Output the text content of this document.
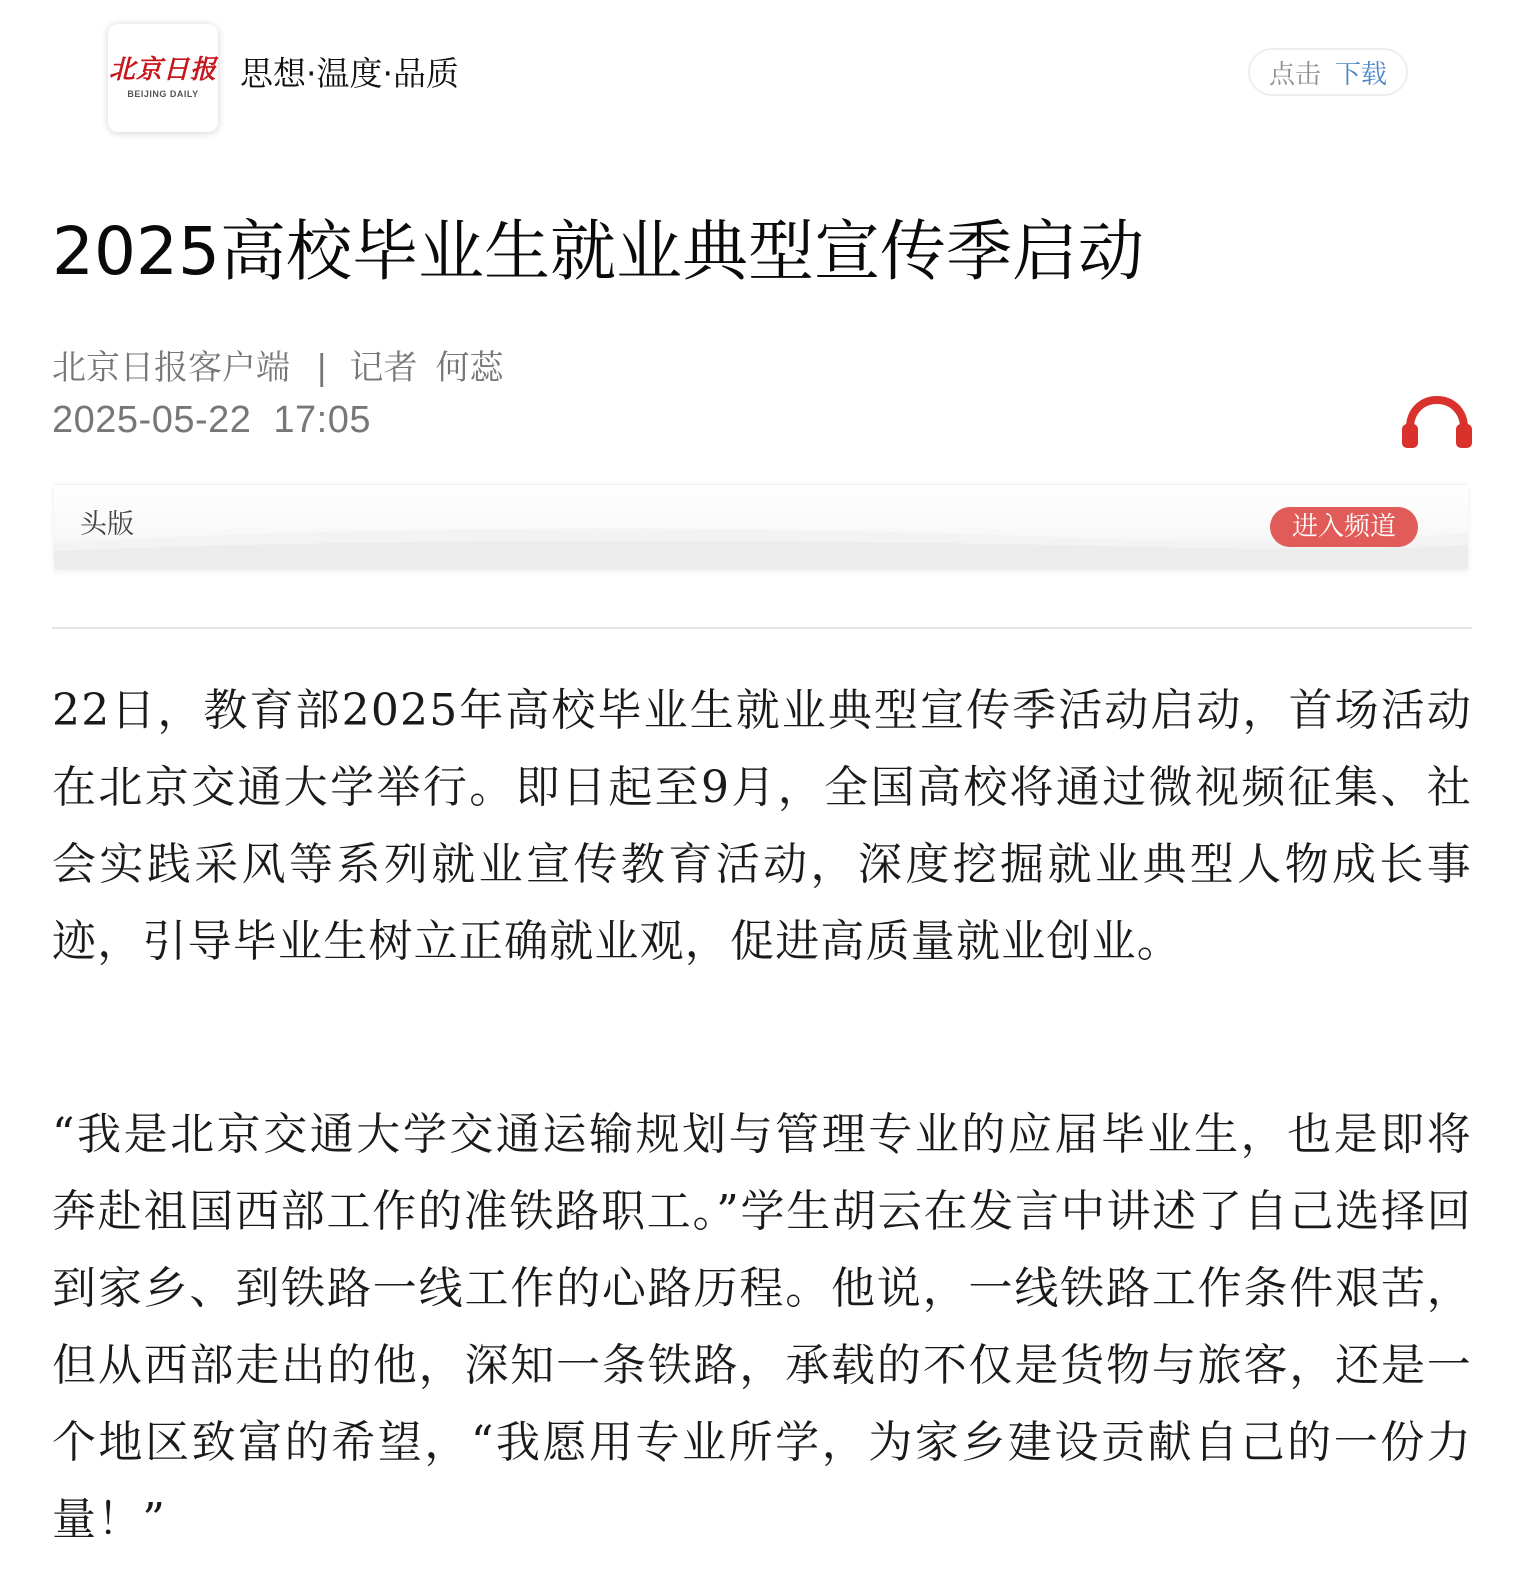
北京日报
BEIJING DAILY
思想·温度·品质	点击 下载
2025高校毕业生就业典型宣传季启动
北京日报客户端 | 记者 何蕊
2025-05-22 17:05
头版	进入频道

22日，教育部2025年高校毕业生就业典型宣传季活动启动，首场活动在北京交通大学举行。即日起至9月，全国高校将通过微视频征集、社会实践采风等系列就业宣传教育活动，深度挖掘就业典型人物成长事迹，引导毕业生树立正确就业观，促进高质量就业创业。

“我是北京交通大学交通运输规划与管理专业的应届毕业生，也是即将奔赴祖国西部工作的准铁路职工。”学生胡云在发言中讲述了自己选择回到家乡、到铁路一线工作的心路历程。他说，一线铁路工作条件艰苦，但从西部走出的他，深知一条铁路，承载的不仅是货物与旅客，还是一个地区致富的希望，“我愿用专业所学，为家乡建设贡献自己的一份力量！”
